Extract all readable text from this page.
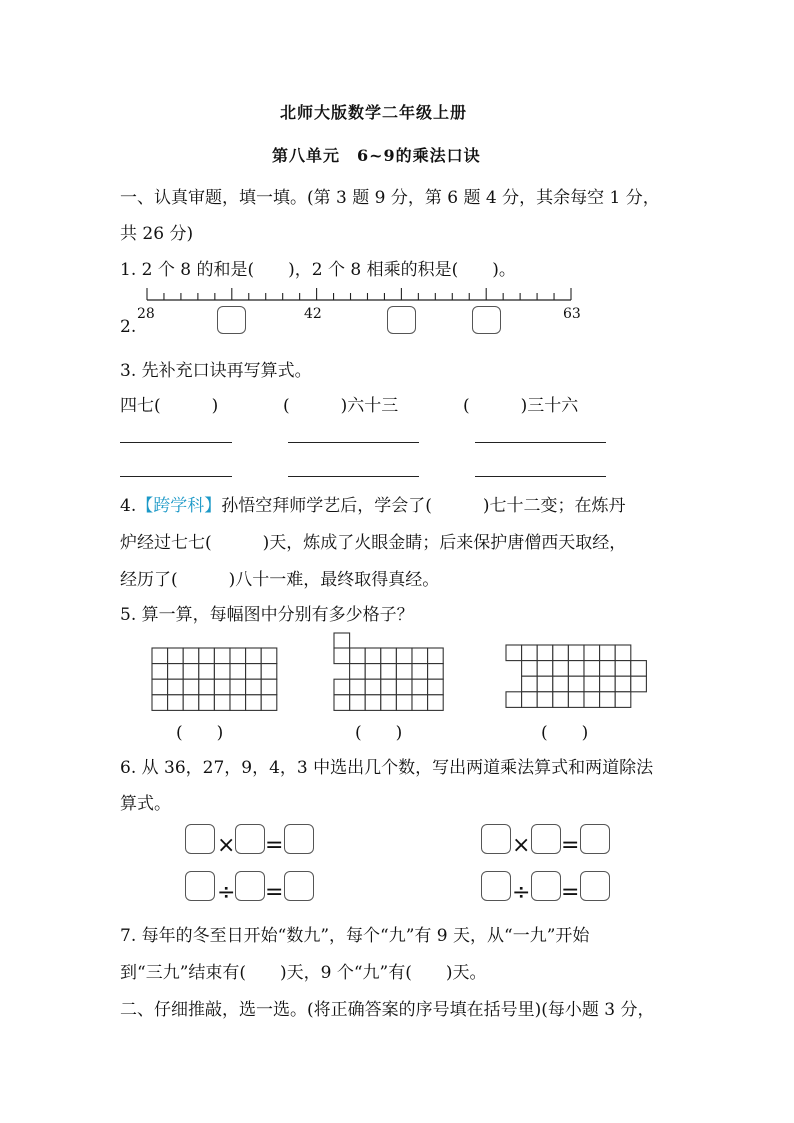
北师大版数学二年级上册
第八单元　6~9的乘法口诀
一、认真审题，填一填。(第 3 题 9 分，第 6 题 4 分，其余每空 1 分，
共 26 分)
1. 2 个 8 的和是(　　)，2 个 8 相乘的积是(　　)。
28	42	63
2.
3. 先补充口诀再写算式。
四七(　　　)	(　　　)六十三	(　　　)三十六
4.【跨学科】孙悟空拜师学艺后，学会了(　　　)七十二变；在炼丹
炉经过七七(　　　)天，炼成了火眼金睛；后来保护唐僧西天取经，
经历了(　　　)八十一难，最终取得真经。
5. 算一算，每幅图中分别有多少格子？
(　　)	(　　)	(　　)
6. 从 36，27，9，4，3 中选出几个数，写出两道乘法算式和两道除法
算式。
× =
÷ =
× =
÷ =
7. 每年的冬至日开始“数九”，每个“九”有 9 天，从“一九”开始
到“三九”结束有(　　)天，9 个“九”有(　　)天。
二、仔细推敲，选一选。(将正确答案的序号填在括号里)(每小题 3 分，
